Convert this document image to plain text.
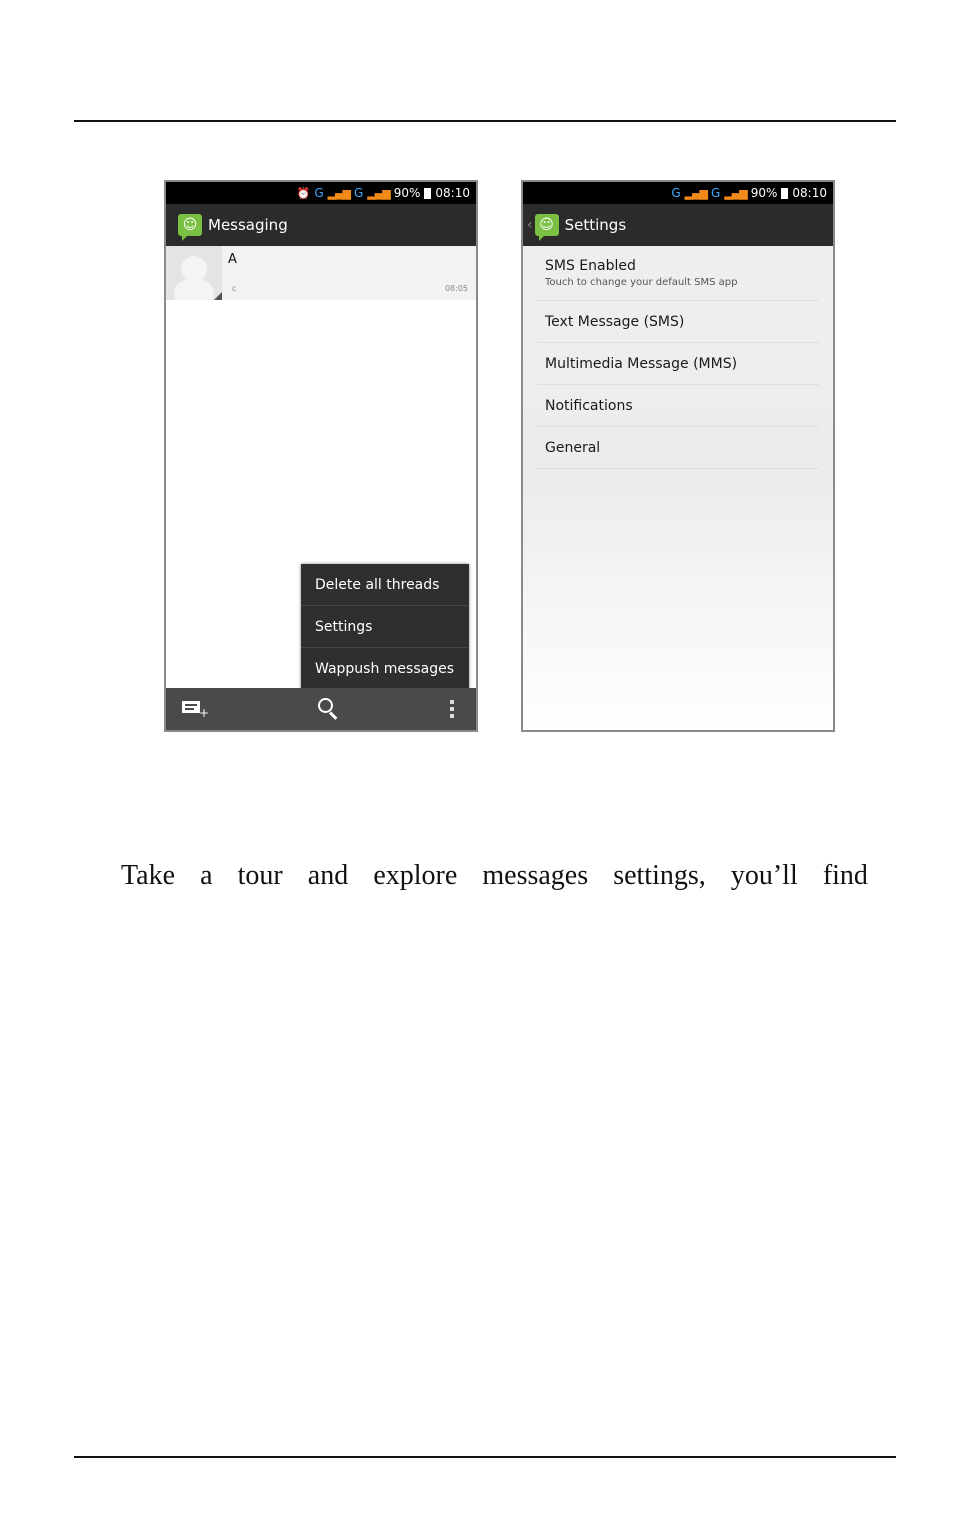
⏰ G ▂▄▆ G ▂▄▆ 90% 08:10
☺ Messaging
A
c	08:05
Delete all threads
Settings
Wappush messages
+
G ▂▄▆ G ▂▄▆ 90% 08:10
‹ ☺ Settings
SMS Enabled
Touch to change your default SMS app
Text Message (SMS)
Multimedia Message (MMS)
Notifications
General
Take a tour and explore messages settings, you’ll find
